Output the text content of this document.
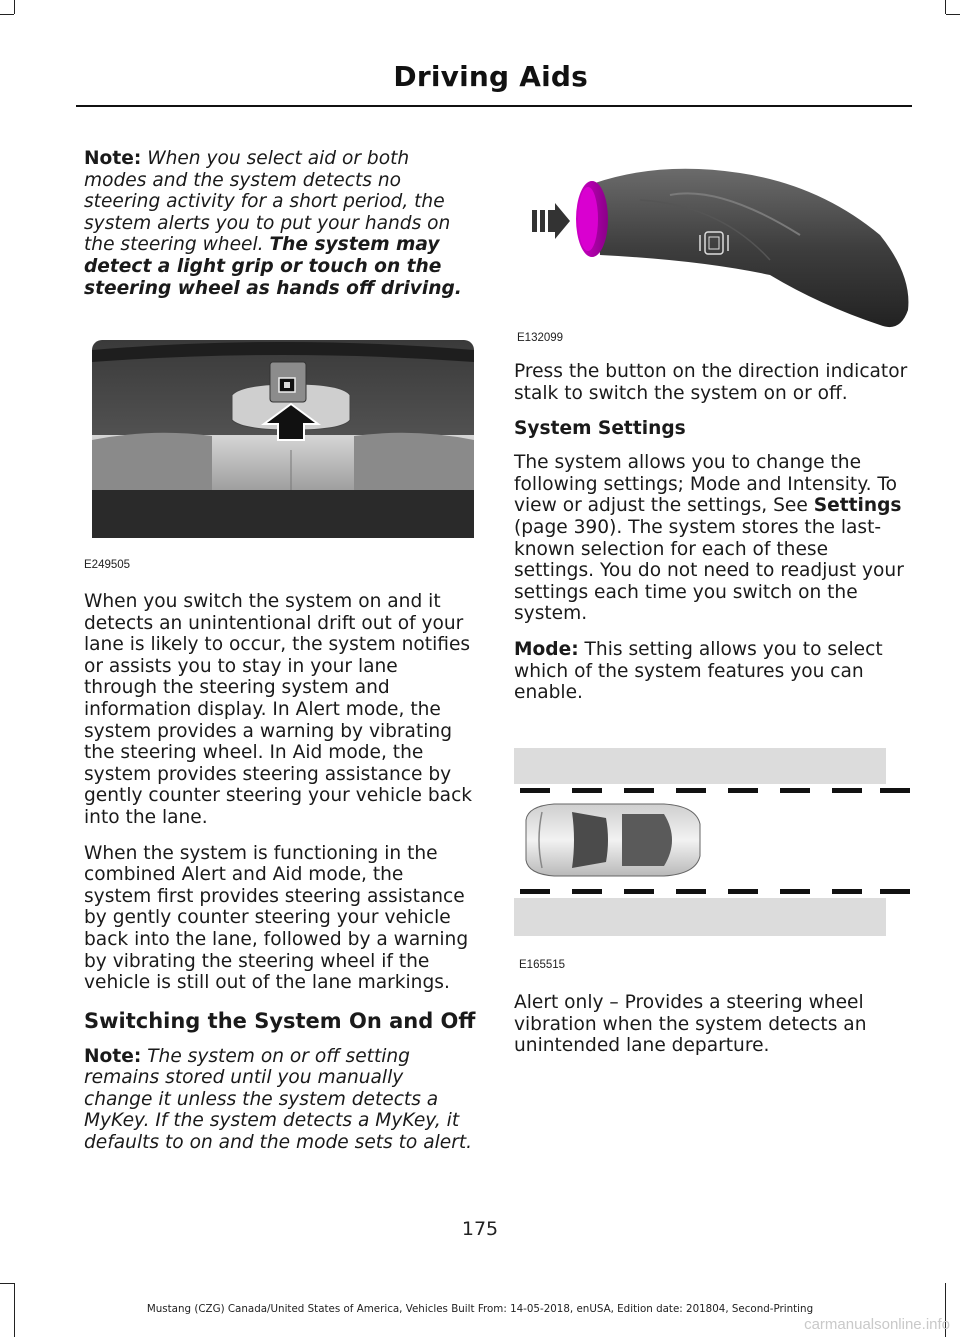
Driving Aids

Note: When you select aid or both modes and the system detects no steering activity for a short period, the system alerts you to put your hands on the steering wheel. The system may detect a light grip or touch on the steering wheel as hands off driving.

E249505

When you switch the system on and it detects an unintentional drift out of your lane is likely to occur, the system notifies or assists you to stay in your lane through the steering system and information display. In Alert mode, the system provides a warning by vibrating the steering wheel. In Aid mode, the system provides steering assistance by gently counter steering your vehicle back into the lane.

When the system is functioning in the combined Alert and Aid mode, the system first provides steering assistance by gently counter steering your vehicle back into the lane, followed by a warning by vibrating the steering wheel if the vehicle is still out of the lane markings.

Switching the System On and Off

Note: The system on or off setting remains stored until you manually change it unless the system detects a MyKey. If the system detects a MyKey, it defaults to on and the mode sets to alert.

E132099

Press the button on the direction indicator stalk to switch the system on or off.

System Settings

The system allows you to change the following settings; Mode and Intensity. To view or adjust the settings, See Settings (page 390). The system stores the last-known selection for each of these settings. You do not need to readjust your settings each time you switch on the system.

Mode: This setting allows you to select which of the system features you can enable.

E165515

Alert only – Provides a steering wheel vibration when the system detects an unintended lane departure.

175
Mustang (CZG) Canada/United States of America, Vehicles Built From: 14-05-2018, enUSA, Edition date: 201804, Second-Printing
carmanualsonline.info
